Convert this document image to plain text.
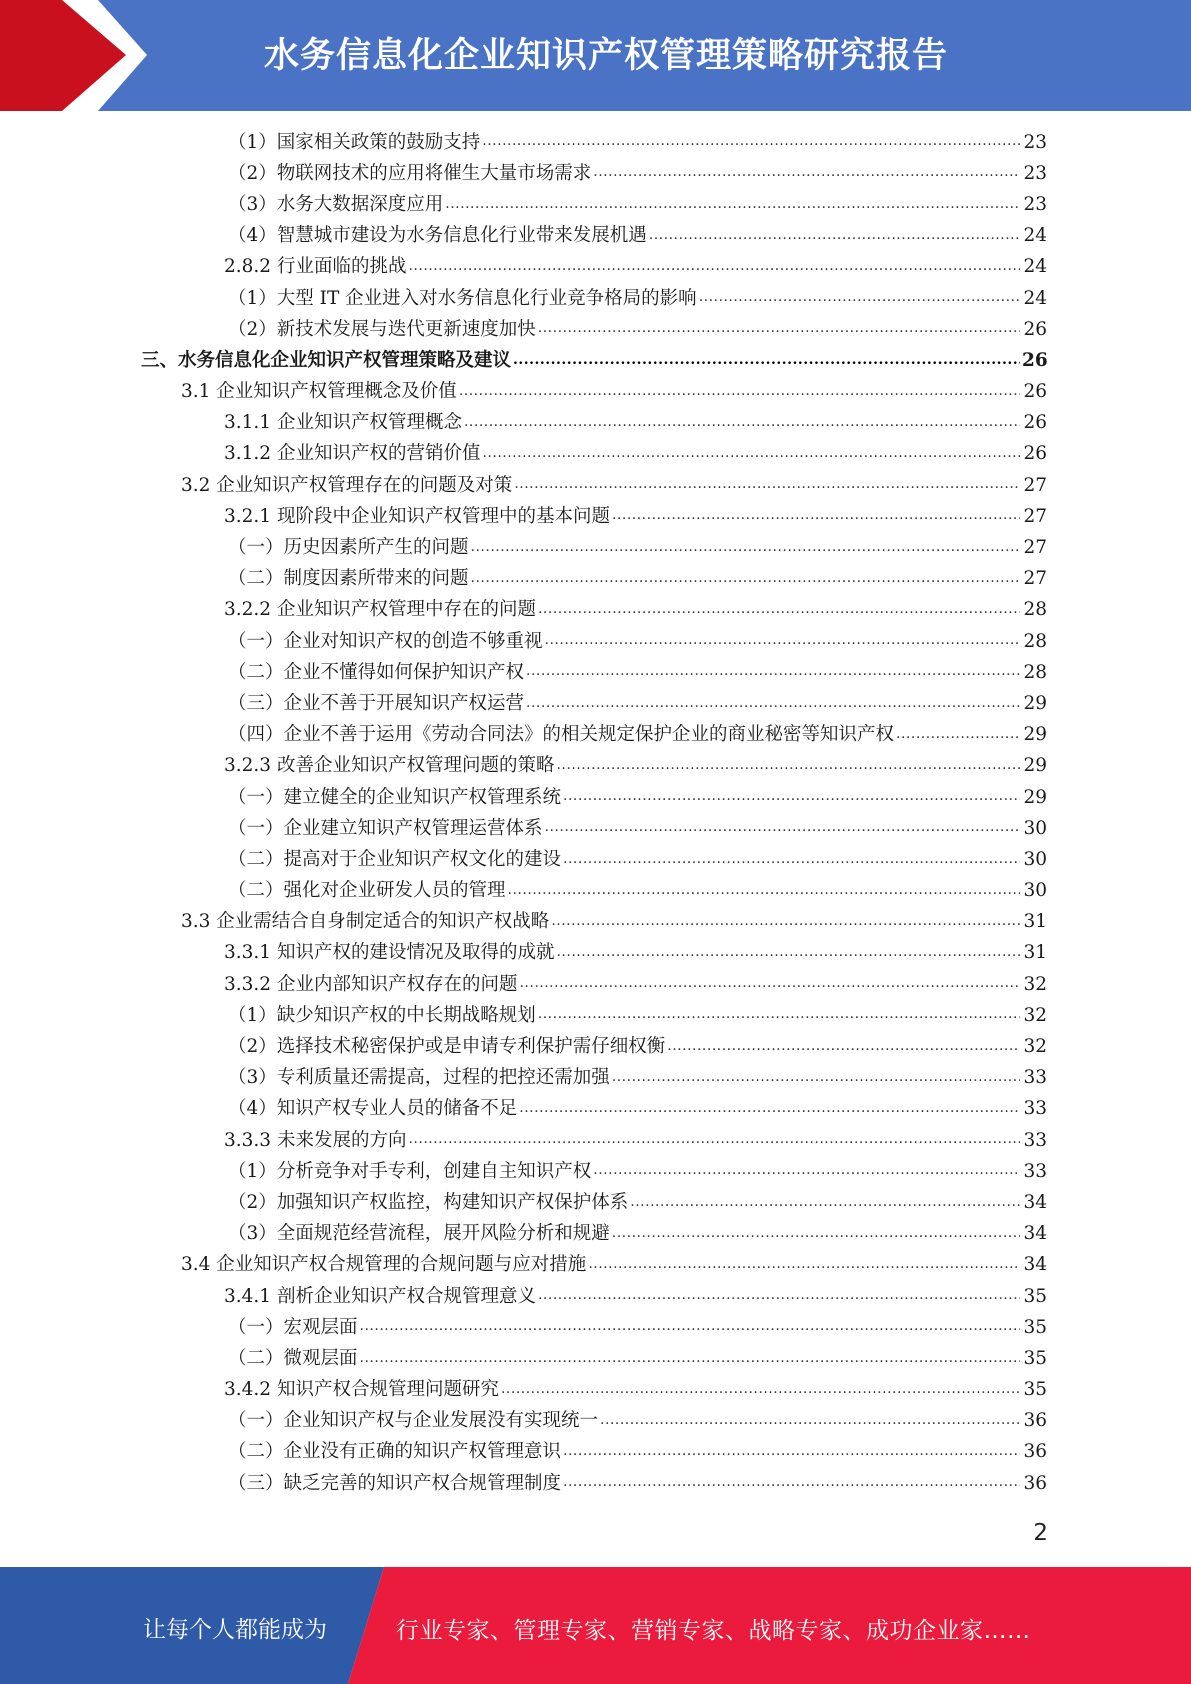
水务信息化企业知识产权管理策略研究报告
（1）国家相关政策的鼓励支持 .....	23
（2）物联网技术的应用将催生大量市场需求 .....	23
（3）水务大数据深度应用 .....	23
（4）智慧城市建设为水务信息化行业带来发展机遇 .....	24
2.8.2 行业面临的挑战 .....	24
（1）大型 IT 企业进入对水务信息化行业竞争格局的影响 .....	24
（2）新技术发展与迭代更新速度加快 .....	26
三、水务信息化企业知识产权管理策略及建议 .....	26
3.1 企业知识产权管理概念及价值 .....	26
3.1.1 企业知识产权管理概念 .....	26
3.1.2 企业知识产权的营销价值 .....	26
3.2 企业知识产权管理存在的问题及对策 .....	27
3.2.1 现阶段中企业知识产权管理中的基本问题 .....	27
（一）历史因素所产生的问题 .....	27
（二）制度因素所带来的问题 .....	27
3.2.2 企业知识产权管理中存在的问题 .....	28
（一）企业对知识产权的创造不够重视 .....	28
（二）企业不懂得如何保护知识产权 .....	28
（三）企业不善于开展知识产权运营 .....	29
（四）企业不善于运用《劳动合同法》的相关规定保护企业的商业秘密等知识产权 .....	29
3.2.3 改善企业知识产权管理问题的策略 .....	29
（一）建立健全的企业知识产权管理系统 .....	29
（一）企业建立知识产权管理运营体系 .....	30
（二）提高对于企业知识产权文化的建设 .....	30
（二）强化对企业研发人员的管理 .....	30
3.3 企业需结合自身制定适合的知识产权战略 .....	31
3.3.1 知识产权的建设情况及取得的成就 .....	31
3.3.2 企业内部知识产权存在的问题 .....	32
（1）缺少知识产权的中长期战略规划 .....	32
（2）选择技术秘密保护或是申请专利保护需仔细权衡 .....	32
（3）专利质量还需提高，过程的把控还需加强 .....	33
（4）知识产权专业人员的储备不足 .....	33
3.3.3 未来发展的方向 .....	33
（1）分析竞争对手专利，创建自主知识产权 .....	33
（2）加强知识产权监控，构建知识产权保护体系 .....	34
（3）全面规范经营流程，展开风险分析和规避 .....	34
3.4 企业知识产权合规管理的合规问题与应对措施 .....	34
3.4.1 剖析企业知识产权合规管理意义 .....	35
（一）宏观层面 .....	35
（二）微观层面 .....	35
3.4.2 知识产权合规管理问题研究 .....	35
（一）企业知识产权与企业发展没有实现统一 .....	36
（二）企业没有正确的知识产权管理意识 .....	36
（三）缺乏完善的知识产权合规管理制度 .....	36
2
让每个人都能成为	行业专家、管理专家、营销专家、战略专家、成功企业家……
